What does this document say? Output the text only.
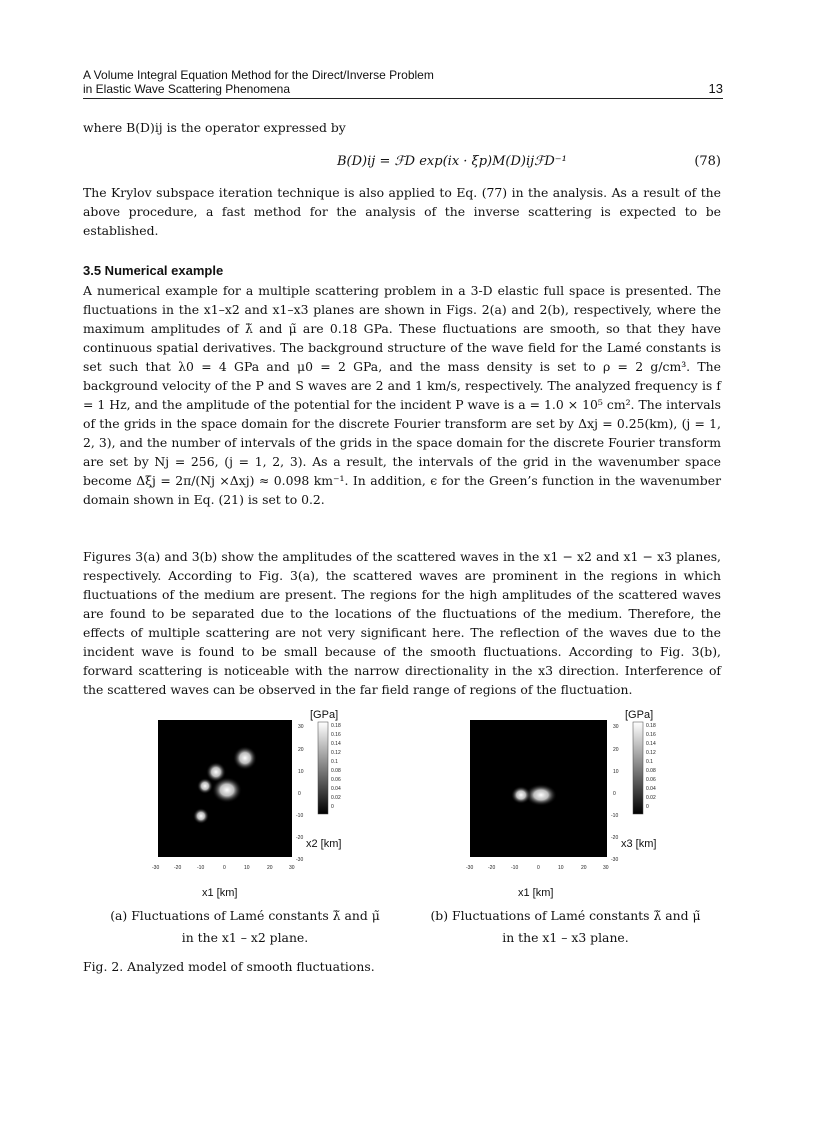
A Volume Integral Equation Method for the Direct/Inverse Problem
in Elastic Wave Scattering Phenomena	13

where B(D)ij is the operator expressed by

B(D)ij = ℱD exp(ix · ξp)M(D)ijℱD⁻¹	(78)

The Krylov subspace iteration technique is also applied to Eq. (77) in the analysis. As a result of the above procedure, a fast method for the analysis of the inverse scattering is expected to be established.

3.5 Numerical example

A numerical example for a multiple scattering problem in a 3-D elastic full space is presented. The fluctuations in the x1–x2 and x1–x3 planes are shown in Figs. 2(a) and 2(b), respectively, where the maximum amplitudes of λ̃ and μ̃ are 0.18 GPa. These fluctuations are smooth, so that they have continuous spatial derivatives. The background structure of the wave field for the Lamé constants is set such that λ0 = 4 GPa and μ0 = 2 GPa, and the mass density is set to ρ = 2 g/cm³. The background velocity of the P and S waves are 2 and 1 km/s, respectively. The analyzed frequency is f = 1 Hz, and the amplitude of the potential for the incident P wave is a = 1.0 × 10⁵ cm². The intervals of the grids in the space domain for the discrete Fourier transform are set by Δxj = 0.25(km), (j = 1, 2, 3), and the number of intervals of the grids in the space domain for the discrete Fourier transform are set by Nj = 256, (j = 1, 2, 3). As a result, the intervals of the grid in the wavenumber space become Δξj = 2π/(Nj ×Δxj) ≈ 0.098 km⁻¹. In addition, ϵ for the Green’s function in the wavenumber domain shown in Eq. (21) is set to 0.2.

Figures 3(a) and 3(b) show the amplitudes of the scattered waves in the x1 − x2 and x1 − x3 planes, respectively. According to Fig. 3(a), the scattered waves are prominent in the regions in which fluctuations of the medium are present. The regions for the high amplitudes of the scattered waves are found to be separated due to the locations of the fluctuations of the medium. Therefore, the effects of multiple scattering are not very significant here. The reflection of the waves due to the incident wave is found to be small because of the smooth fluctuations. According to Fig. 3(b), forward scattering is noticeable with the narrow directionality in the x3 direction. Interference of the scattered waves can be observed in the far field range of regions of the fluctuation.

30
20
10
0
-10
-20
-30
-30	-20	-10	0	10	20	30
[GPa]
0.18
0.16
0.14
0.12
0.1
0.08
0.06
0.04
0.02
0
x2 [km]
x1 [km]
30
20
10
0
-10
-20
-30
-30	-20	-10	0	10	20	30
[GPa]
0.18
0.16
0.14
0.12
0.1
0.08
0.06
0.04
0.02
0
x3 [km]
x1 [km]
(a) Fluctuations of Lamé constants λ̃ and μ̃
in the x1 – x2 plane.
(b) Fluctuations of Lamé constants λ̃ and μ̃
in the x1 – x3 plane.
Fig. 2. Analyzed model of smooth fluctuations.
